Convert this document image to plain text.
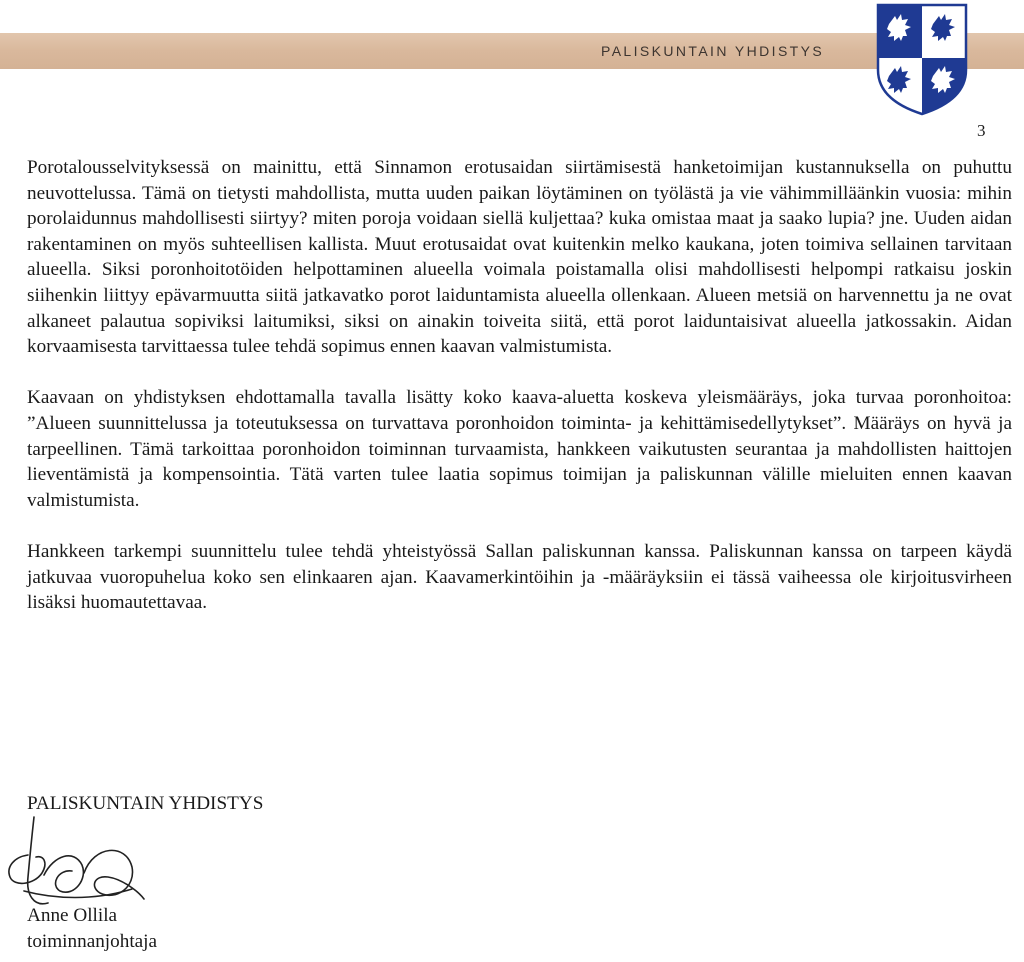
PALISKUNTAIN YHDISTYS
3

Porotalousselvityksessä on mainittu, että Sinnamon erotusaidan siirtämisestä hanketoimijan kustannuksella on puhuttu neuvottelussa. Tämä on tietysti mahdollista, mutta uuden paikan löytäminen on työlästä ja vie vähimmilläänkin vuosia: mihin porolaidunnus mahdollisesti siirtyy? miten poroja voidaan siellä kuljettaa? kuka omistaa maat ja saako lupia? jne. Uuden aidan rakentaminen on myös suhteellisen kallista. Muut erotusaidat ovat kuitenkin melko kaukana, joten toimiva sellainen tarvitaan alueella. Siksi poronhoitotöiden helpottaminen alueella voimala poistamalla olisi mahdollisesti helpompi ratkaisu joskin siihenkin liittyy epävarmuutta siitä jatkavatko porot laiduntamista alueella ollenkaan. Alueen metsiä on harvennettu ja ne ovat alkaneet palautua sopiviksi laitumiksi, siksi on ainakin toiveita siitä, että porot laiduntaisivat alueella jatkossakin. Aidan korvaamisesta tarvittaessa tulee tehdä sopimus ennen kaavan valmistumista.

Kaavaan on yhdistyksen ehdottamalla tavalla lisätty koko kaava-aluetta koskeva yleismääräys, joka turvaa poronhoitoa: ”Alueen suunnittelussa ja toteutuksessa on turvattava poronhoidon toiminta- ja kehittämisedellytykset”. Määräys on hyvä ja tarpeellinen. Tämä tarkoittaa poronhoidon toiminnan turvaamista, hankkeen vaikutusten seurantaa ja mahdollisten haittojen lieventämistä ja kompensointia. Tätä varten tulee laatia sopimus toimijan ja paliskunnan välille mieluiten ennen kaavan valmistumista.

Hankkeen tarkempi suunnittelu tulee tehdä yhteistyössä Sallan paliskunnan kanssa. Paliskunnan kanssa on tarpeen käydä jatkuvaa vuoropuhelua koko sen elinkaaren ajan. Kaavamerkintöihin ja -määräyksiin ei tässä vaiheessa ole kirjoitusvirheen lisäksi huomautettavaa.

PALISKUNTAIN YHDISTYS
Anne Ollila
toiminnanjohtaja
